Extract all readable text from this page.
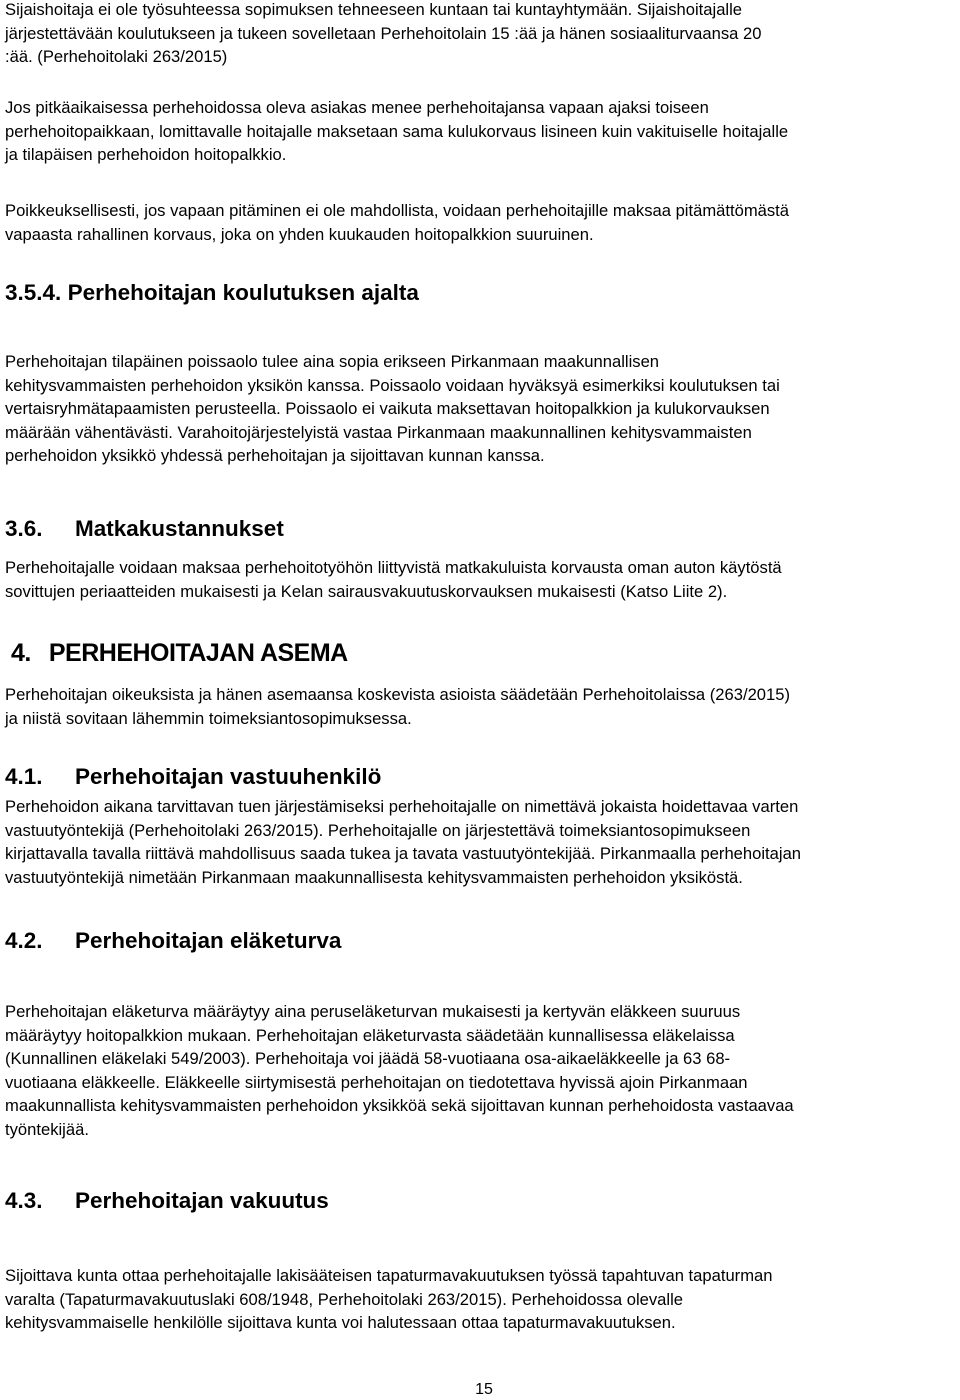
Sijaishoitaja ei ole työsuhteessa sopimuksen tehneeseen kuntaan tai kuntayhtymään. Sijaishoitajalle
järjestettävään koulutukseen ja tukeen sovelletaan Perhehoitolain 15 :ää ja hänen sosiaaliturvaansa 20
:ää. (Perhehoitolaki 263/2015)

Jos pitkäaikaisessa perhehoidossa oleva asiakas menee perhehoitajansa vapaan ajaksi toiseen
perhehoitopaikkaan, lomittavalle hoitajalle maksetaan sama kulukorvaus lisineen kuin vakituiselle hoitajalle
ja tilapäisen perhehoidon hoitopalkkio.

Poikkeuksellisesti, jos vapaan pitäminen ei ole mahdollista, voidaan perhehoitajille maksaa pitämättömästä
vapaasta rahallinen korvaus, joka on yhden kuukauden hoitopalkkion suuruinen.

3.5.4. Perhehoitajan koulutuksen ajalta

Perhehoitajan tilapäinen poissaolo tulee aina sopia erikseen Pirkanmaan maakunnallisen
kehitysvammaisten perhehoidon yksikön kanssa. Poissaolo voidaan hyväksyä esimerkiksi koulutuksen tai
vertaisryhmätapaamisten perusteella. Poissaolo ei vaikuta maksettavan hoitopalkkion ja kulukorvauksen
määrään vähentävästi. Varahoitojärjestelyistä vastaa Pirkanmaan maakunnallinen kehitysvammaisten
perhehoidon yksikkö yhdessä perhehoitajan ja sijoittavan kunnan kanssa.

3.6. Matkakustannukset

Perhehoitajalle voidaan maksaa perhehoitotyöhön liittyvistä matkakuluista korvausta oman auton käytöstä
sovittujen periaatteiden mukaisesti ja Kelan sairausvakuutuskorvauksen mukaisesti (Katso Liite 2).

4. PERHEHOITAJAN ASEMA

Perhehoitajan oikeuksista ja hänen asemaansa koskevista asioista säädetään Perhehoitolaissa (263/2015)
ja niistä sovitaan lähemmin toimeksiantosopimuksessa.

4.1. Perhehoitajan vastuuhenkilö

Perhehoidon aikana tarvittavan tuen järjestämiseksi perhehoitajalle on nimettävä jokaista hoidettavaa varten
vastuutyöntekijä (Perhehoitolaki 263/2015). Perhehoitajalle on järjestettävä toimeksiantosopimukseen
kirjattavalla tavalla riittävä mahdollisuus saada tukea ja tavata vastuutyöntekijää. Pirkanmaalla perhehoitajan
vastuutyöntekijä nimetään Pirkanmaan maakunnallisesta kehitysvammaisten perhehoidon yksiköstä.

4.2. Perhehoitajan eläketurva

Perhehoitajan eläketurva määräytyy aina peruseläketurvan mukaisesti ja kertyvän eläkkeen suuruus
määräytyy hoitopalkkion mukaan. Perhehoitajan eläketurvasta säädetään kunnallisessa eläkelaissa
(Kunnallinen eläkelaki 549/2003). Perhehoitaja voi jäädä 58-vuotiaana osa-aikaeläkkeelle ja 63 68-
vuotiaana eläkkeelle. Eläkkeelle siirtymisestä perhehoitajan on tiedotettava hyvissä ajoin Pirkanmaan
maakunnallista kehitysvammaisten perhehoidon yksikköä sekä sijoittavan kunnan perhehoidosta vastaavaa
työntekijää.

4.3. Perhehoitajan vakuutus

Sijoittava kunta ottaa perhehoitajalle lakisääteisen tapaturmavakuutuksen työssä tapahtuvan tapaturman
varalta (Tapaturmavakuutuslaki 608/1948, Perhehoitolaki 263/2015). Perhehoidossa olevalle
kehitysvammaiselle henkilölle sijoittava kunta voi halutessaan ottaa tapaturmavakuutuksen.

15
